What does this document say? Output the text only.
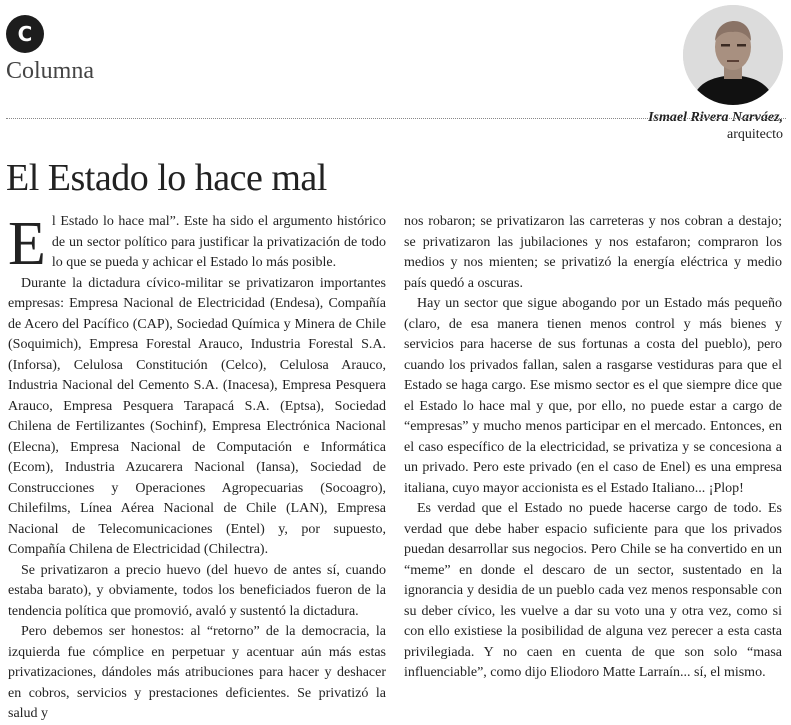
C
Columna
Ismael Rivera Narváez,
arquitecto
El Estado lo hace mal

El Estado lo hace mal”. Este ha sido el argumento histórico de un sector político para justificar la privatización de todo lo que se pueda y achicar el Estado lo más posible.

Durante la dictadura cívico-militar se privatizaron importantes empresas: Empresa Nacional de Electricidad (Endesa), Compañía de Acero del Pacífico (CAP), Sociedad Química y Minera de Chile (Soquimich), Empresa Forestal Arauco, Industria Forestal S.A. (Inforsa), Celulosa Constitución (Celco), Celulosa Arauco, Industria Nacional del Cemento S.A. (Inacesa), Empresa Pesquera Arauco, Empresa Pesquera Tarapacá S.A. (Eptsa), Sociedad Chilena de Fertilizantes (Sochinf), Empresa Electrónica Nacional (Elecna), Empresa Nacional de Computación e Informática (Ecom), Industria Azucarera Nacional (Iansa), Sociedad de Construcciones y Operaciones Agropecuarias (Socoagro), Chilefilms, Línea Aérea Nacional de Chile (LAN), Empresa Nacional de Telecomunicaciones (Entel) y, por supuesto, Compañía Chilena de Electricidad (Chilectra).

Se privatizaron a precio huevo (del huevo de antes sí, cuando estaba barato), y obviamente, todos los beneficiados fueron de la tendencia política que promovió, avaló y sustentó la dictadura.

Pero debemos ser honestos: al “retorno” de la democracia, la izquierda fue cómplice en perpetuar y acentuar aún más estas privatizaciones, dándoles más atribuciones para hacer y deshacer en cobros, servicios y prestaciones deficientes. Se privatizó la salud y

nos robaron; se privatizaron las carreteras y nos cobran a destajo; se privatizaron las jubilaciones y nos estafaron; compraron los medios y nos mienten; se privatizó la energía eléctrica y medio país quedó a oscuras.

Hay un sector que sigue abogando por un Estado más pequeño (claro, de esa manera tienen menos control y más bienes y servicios para hacerse de sus fortunas a costa del pueblo), pero cuando los privados fallan, salen a rasgarse vestiduras para que el Estado se haga cargo. Ese mismo sector es el que siempre dice que el Estado lo hace mal y que, por ello, no puede estar a cargo de “empresas” y mucho menos participar en el mercado. Entonces, en el caso específico de la electricidad, se privatiza y se concesiona a un privado. Pero este privado (en el caso de Enel) es una empresa italiana, cuyo mayor accionista es el Estado Italiano... ¡Plop!

Es verdad que el Estado no puede hacerse cargo de todo. Es verdad que debe haber espacio suficiente para que los privados puedan desarrollar sus negocios. Pero Chile se ha convertido en un “meme” en donde el descaro de un sector, sustentado en la ignorancia y desidia de un pueblo cada vez menos responsable con su deber cívico, les vuelve a dar su voto una y otra vez, como si con ello existiese la posibilidad de alguna vez perecer a esta casta privilegiada. Y no caen en cuenta de que son solo “masa influenciable”, como dijo Eliodoro Matte Larraín... sí, el mismo.
